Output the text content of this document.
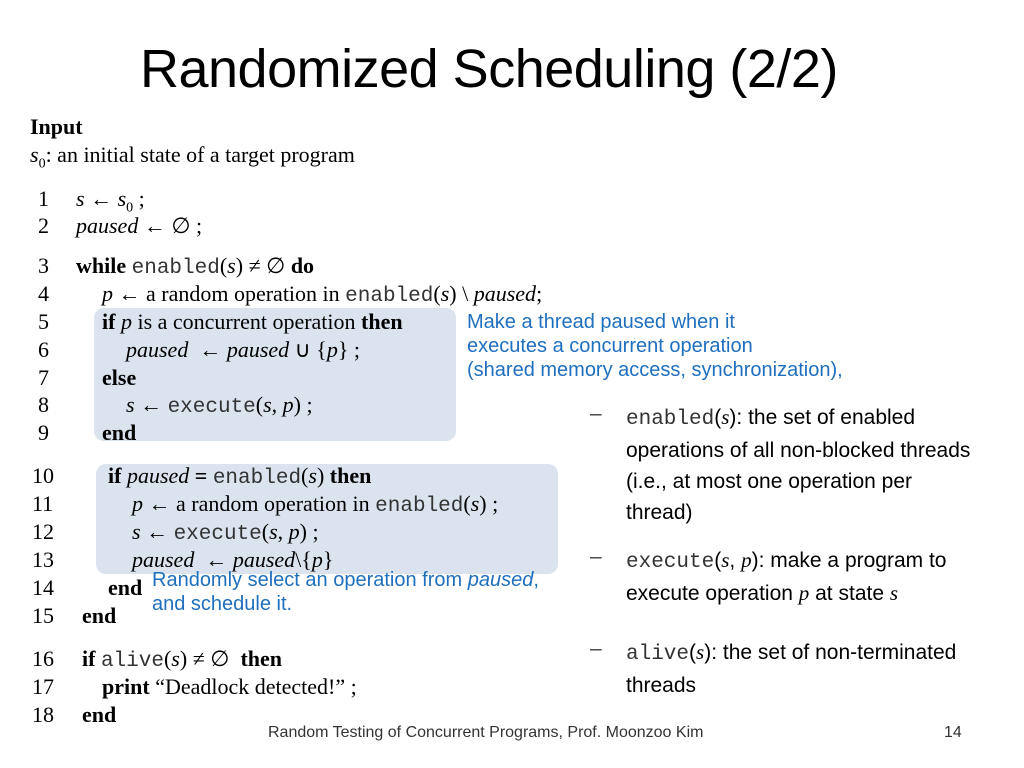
Randomized Scheduling (2/2)
Input
$s_0$: an initial state of a target program
1
2
3
4
5
6
7
8
9
10
11
12
13
14
15
16
17
18
s ← $s_0$ ;
paused ← ∅ ;
while enabled(s) ≠ ∅ do
p ← a random operation in enabled(s) \ paused;
if p is a concurrent operation then
paused ← paused ∪ {p} ;
else
s ← execute(s, p) ;
end
if paused = enabled(s) then
p ← a random operation in enabled(s) ;
s ← execute(s, p) ;
paused ← paused\{p}
end
end
if alive(s) ≠ ∅ then
print “Deadlock detected!” ;
end
Make a thread paused when it
executes a concurrent operation
(shared memory access, synchronization),
Randomly select an operation from paused,
and schedule it.
– enabled(s): the set of enabled
operations of all non-blocked threads
(i.e., at most one operation per
thread)
– execute(s, p): make a program to
execute operation p at state s
– alive(s): the set of non-terminated
threads
Random Testing of Concurrent Programs, Prof. Moonzoo Kim	14
